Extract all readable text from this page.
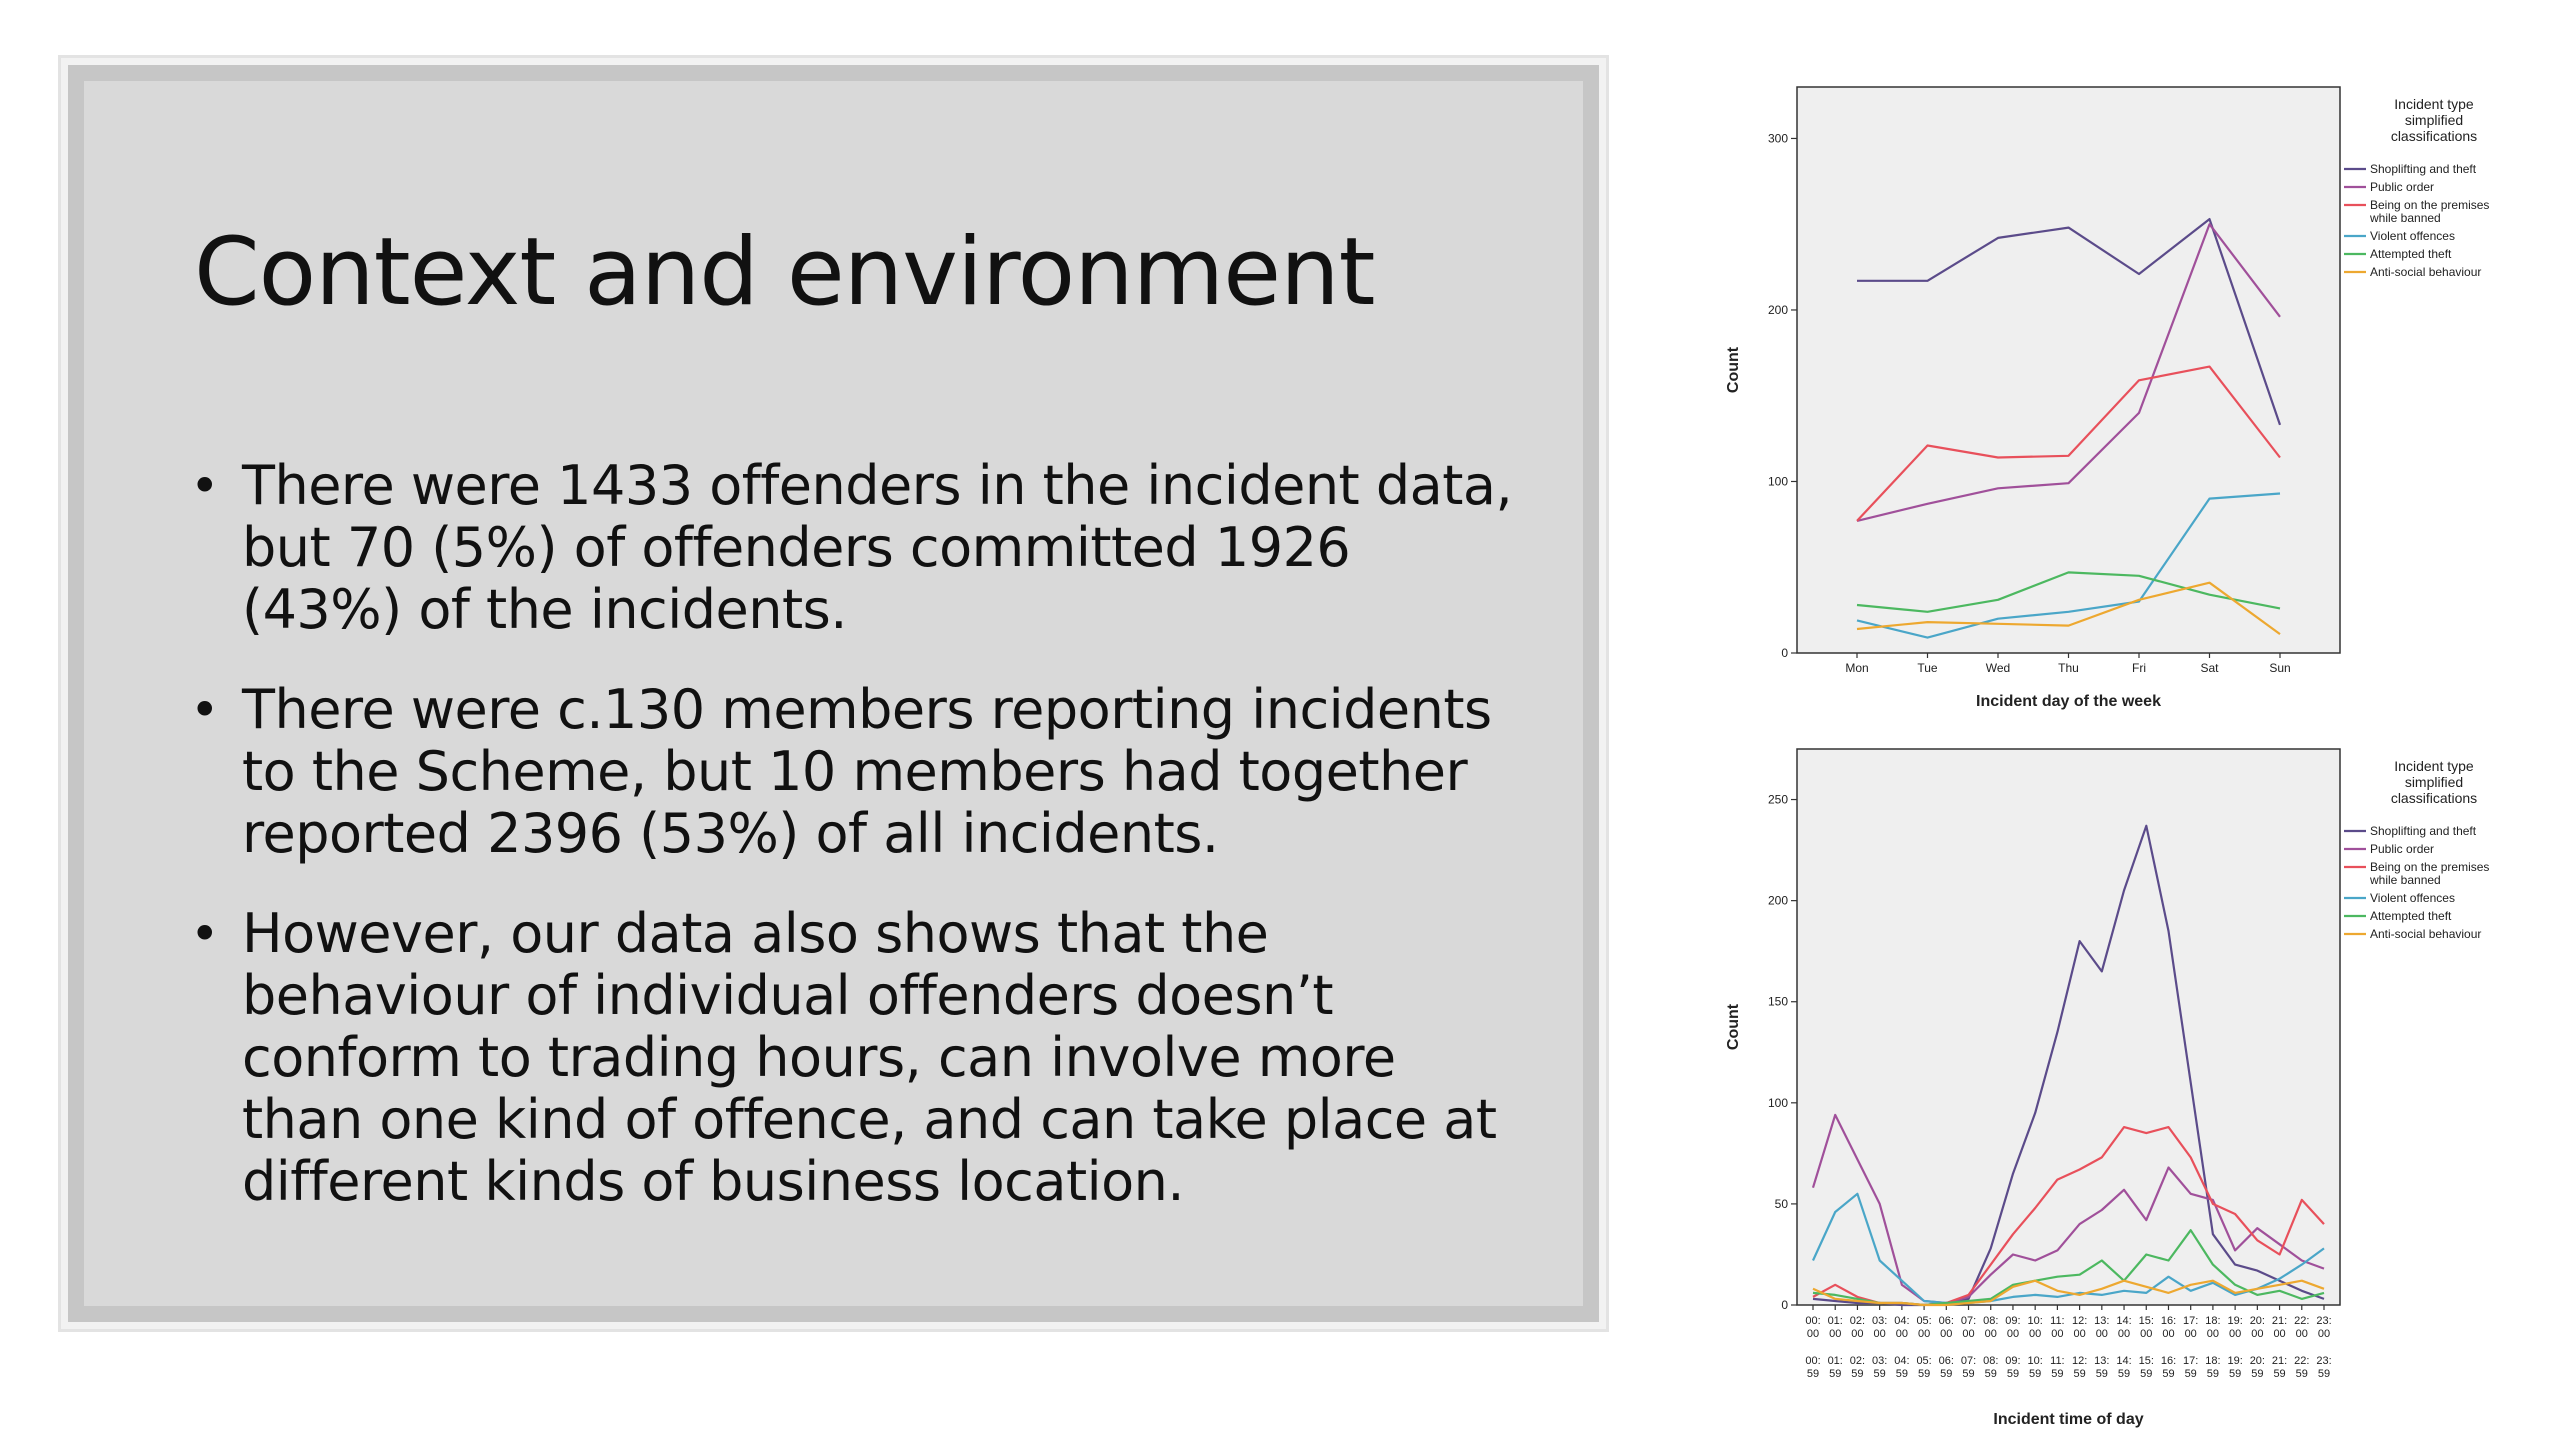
Context and environment
• There were 1433 offenders in the incident data, but 70 (5%) of offenders committed 1926 (43%) of the incidents.
• There were c.130 members reporting incidents to the Scheme, but 10 members had together reported 2396 (53%) of all incidents.
• However, our data also shows that the behaviour of individual offenders doesn’t conform to trading hours, can involve more than one kind of offence, and can take place at different kinds of business location.
0
100
200
300
Mon	Tue	Wed	Thu	Fri	Sat	Sun
Incident day of the week
Count
Incident type
simplified
classifications
Shoplifting and theft
Public order
Being on the premises
while banned
Violent offences
Attempted theft
Anti-social behaviour
0
50
100
150
200
250
00:
00
00:
59
01:
00
01:
59
02:
00
02:
59
03:
00
03:
59
04:
00
04:
59
05:
00
05:
59
06:
00
06:
59
07:
00
07:
59
08:
00
08:
59
09:
00
09:
59
10:
00
10:
59
11:
00
11:
59
12:
00
12:
59
13:
00
13:
59
14:
00
14:
59
15:
00
15:
59
16:
00
16:
59
17:
00
17:
59
18:
00
18:
59
19:
00
19:
59
20:
00
20:
59
21:
00
21:
59
22:
00
22:
59
23:
00
23:
59
Incident time of day
Count
Incident type
simplified
classifications
Shoplifting and theft
Public order
Being on the premises
while banned
Violent offences
Attempted theft
Anti-social behaviour
